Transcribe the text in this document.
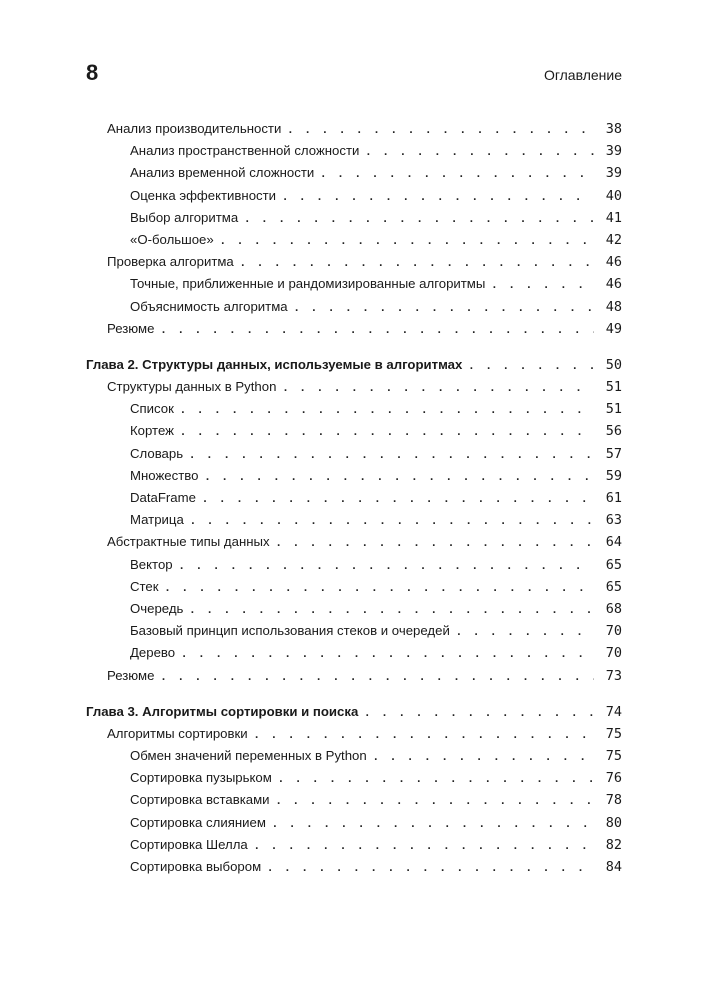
8	Оглавление
Анализ производительности . . .	38
Анализ пространственной сложности . . .	39
Анализ временной сложности . . .	39
Оценка эффективности . . .	40
Выбор алгоритма . . .	41
«О-большое» . . .	42
Проверка алгоритма . . .	46
Точные, приближенные и рандомизированные алгоритмы . . .	46
Объяснимость алгоритма . . .	48
Резюме . . .	49
Глава 2. Структуры данных, используемые в алгоритмах . . .	50
Структуры данных в Python . . .	51
Список . . .	51
Кортеж . . .	56
Словарь . . .	57
Множество . . .	59
DataFrame . . .	61
Матрица . . .	63
Абстрактные типы данных . . .	64
Вектор . . .	65
Стек . . .	65
Очередь . . .	68
Базовый принцип использования стеков и очередей . . .	70
Дерево . . .	70
Резюме . . .	73
Глава 3. Алгоритмы сортировки и поиска . . .	74
Алгоритмы сортировки . . .	75
Обмен значений переменных в Python . . .	75
Сортировка пузырьком . . .	76
Сортировка вставками . . .	78
Сортировка слиянием . . .	80
Сортировка Шелла . . .	82
Сортировка выбором . . .	84
